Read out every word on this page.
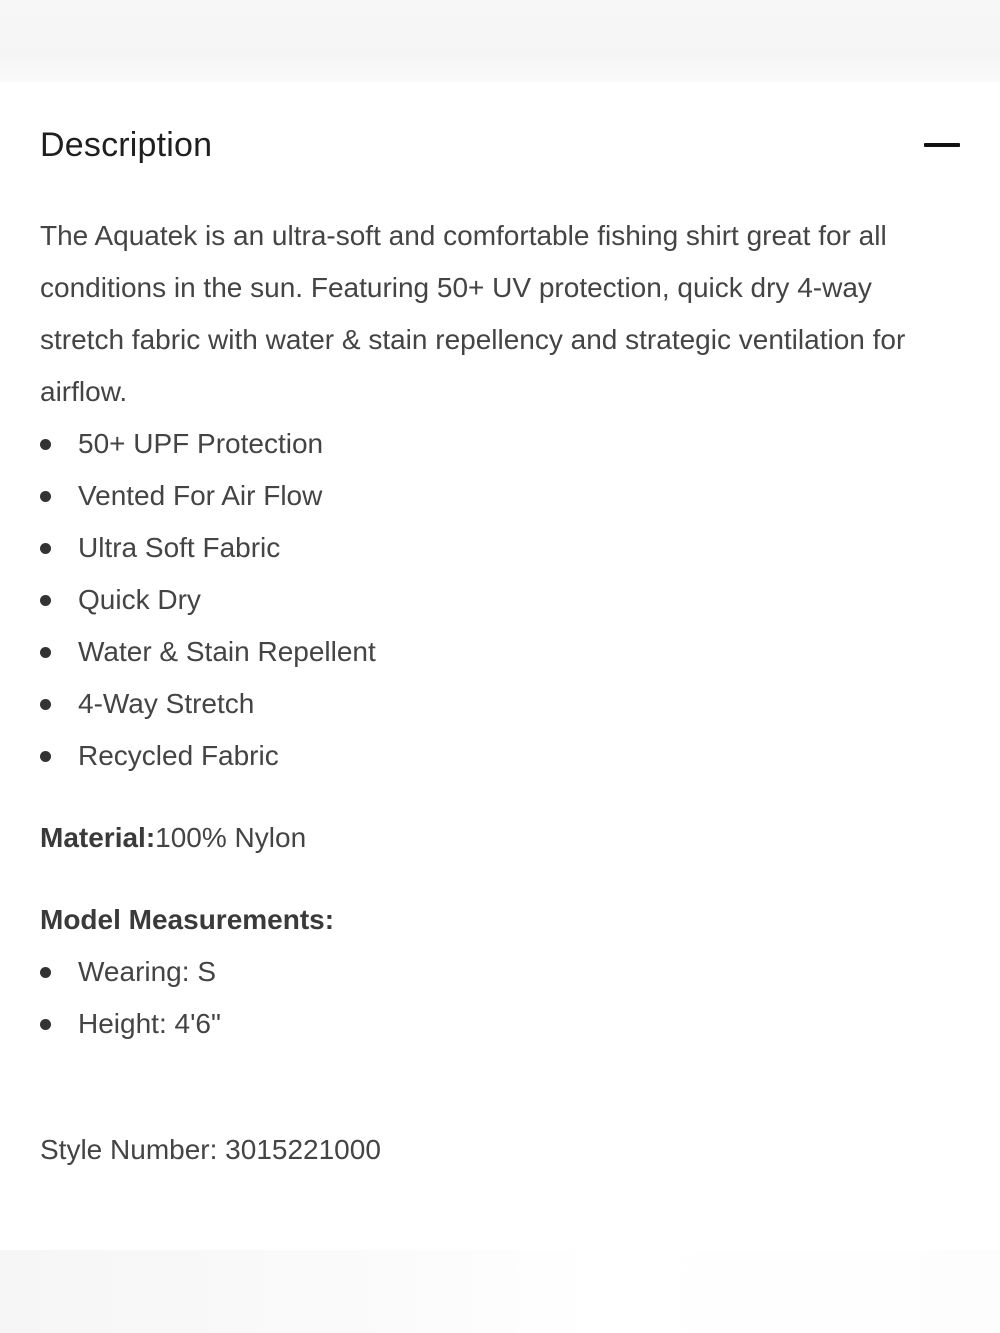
Description

The Aquatek is an ultra-soft and comfortable fishing shirt great for all conditions in the sun. Featuring 50+ UV protection, quick dry 4-way stretch fabric with water & stain repellency and strategic ventilation for airflow.

50+ UPF Protection
Vented For Air Flow
Ultra Soft Fabric
Quick Dry
Water & Stain Repellent
4-Way Stretch
Recycled Fabric
Material:100% Nylon
Model Measurements:
Wearing: S
Height: 4'6"
Style Number: 3015221000
